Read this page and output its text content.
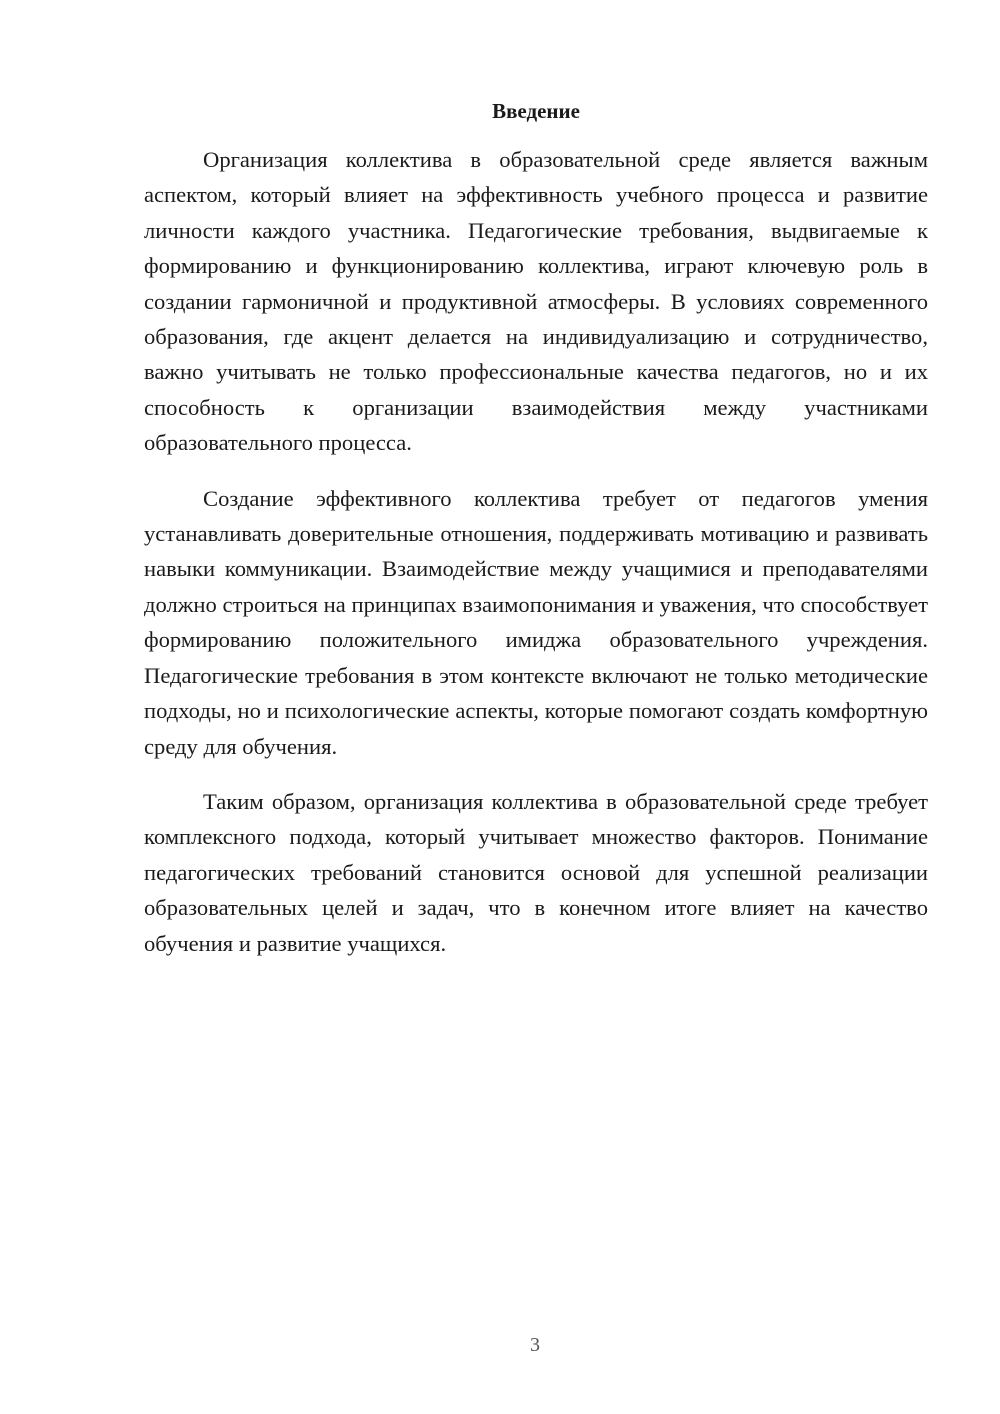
Введение

Организация коллектива в образовательной среде является важным аспектом, который влияет на эффективность учебного процесса и развитие личности каждого участника. Педагогические требования, выдвигаемые к формированию и функционированию коллектива, играют ключевую роль в создании гармоничной и продуктивной атмосферы. В условиях современного образования, где акцент делается на индивидуализацию и сотрудничество, важно учитывать не только профессиональные качества педагогов, но и их способность к организации взаимодействия между участниками образовательного процесса.

Создание эффективного коллектива требует от педагогов умения устанавливать доверительные отношения, поддерживать мотивацию и развивать навыки коммуникации. Взаимодействие между учащимися и преподавателями должно строиться на принципах взаимопонимания и уважения, что способствует формированию положительного имиджа образовательного учреждения. Педагогические требования в этом контексте включают не только методические подходы, но и психологические аспекты, которые помогают создать комфортную среду для обучения.

Таким образом, организация коллектива в образовательной среде требует комплексного подхода, который учитывает множество факторов. Понимание педагогических требований становится основой для успешной реализации образовательных целей и задач, что в конечном итоге влияет на качество обучения и развитие учащихся.

3
